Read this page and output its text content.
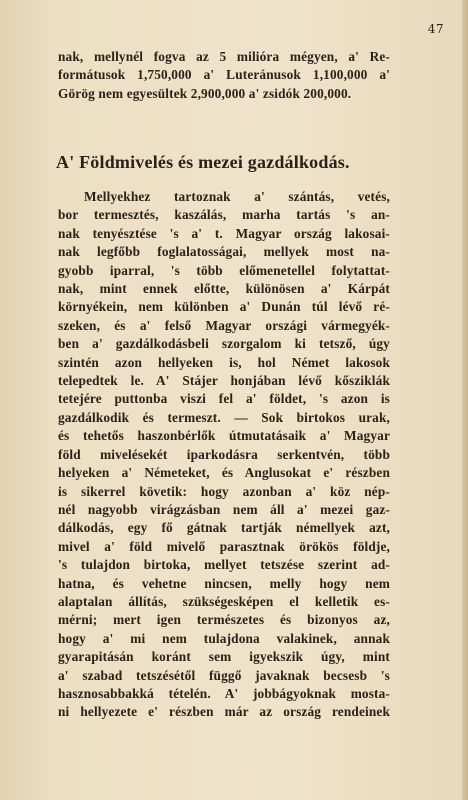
47
nak, mellynél fogva az 5 milióra mégyen, a' Re-
formátusok 1,750,000 a' Luteránusok 1,100,000 a'
Görög nem egyesültek 2,900,000 a' zsidók 200,000.
A' Földmivelés és mezei gazdálkodás.
Mellyekhez tartoznak a' szántás, vetés,
bor termesztés, kaszálás, marha tartás 's an-
nak tenyésztése 's a' t. Magyar ország lakosai-
nak legfőbb foglalatosságai, mellyek most na-
gyobb iparral, 's több előmenetellel folytattat-
nak, mint ennek előtte, különösen a' Kárpát
környékein, nem különben a' Dunán túl lévő ré-
szeken, és a' felső Magyar országi vármegyék-
ben a' gazdálkodásbeli szorgalom ki tetsző, úgy
szintén azon hellyeken is, hol Német lakosok
telepedtek le. A' Stájer honjában lévő kősziklák
tetejére puttonba viszi fel a' földet, 's azon is
gazdálkodik és termeszt. — Sok birtokos urak,
és tehetős haszonbérlők útmutatásaik a' Magyar
föld mivelésekét iparkodásra serkentvén, több
helyeken a' Németeket, és Anglusokat e' részben
is sikerrel követik: hogy azonban a' köz nép-
nél nagyobb virágzásban nem áll a' mezei gaz-
dálkodás, egy fő gátnak tartják némellyek azt,
mivel a' föld mivelő parasztnak örökös földje,
's tulajdon birtoka, mellyet tetszése szerint ad-
hatna, és vehetne nincsen, melly hogy nem
alaptalan állítás, szükségesképen el kelletik es-
mérni; mert igen természetes és bizonyos az,
hogy a' mi nem tulajdona valakinek, annak
gyarapitásán koránt sem igyekszik úgy, mint
a' szabad tetszésétől függő javaknak becsesb 's
hasznosabbakká tételén. A' jobbágyoknak mosta-
ni hellyezete e' részben már az ország rendeinek
